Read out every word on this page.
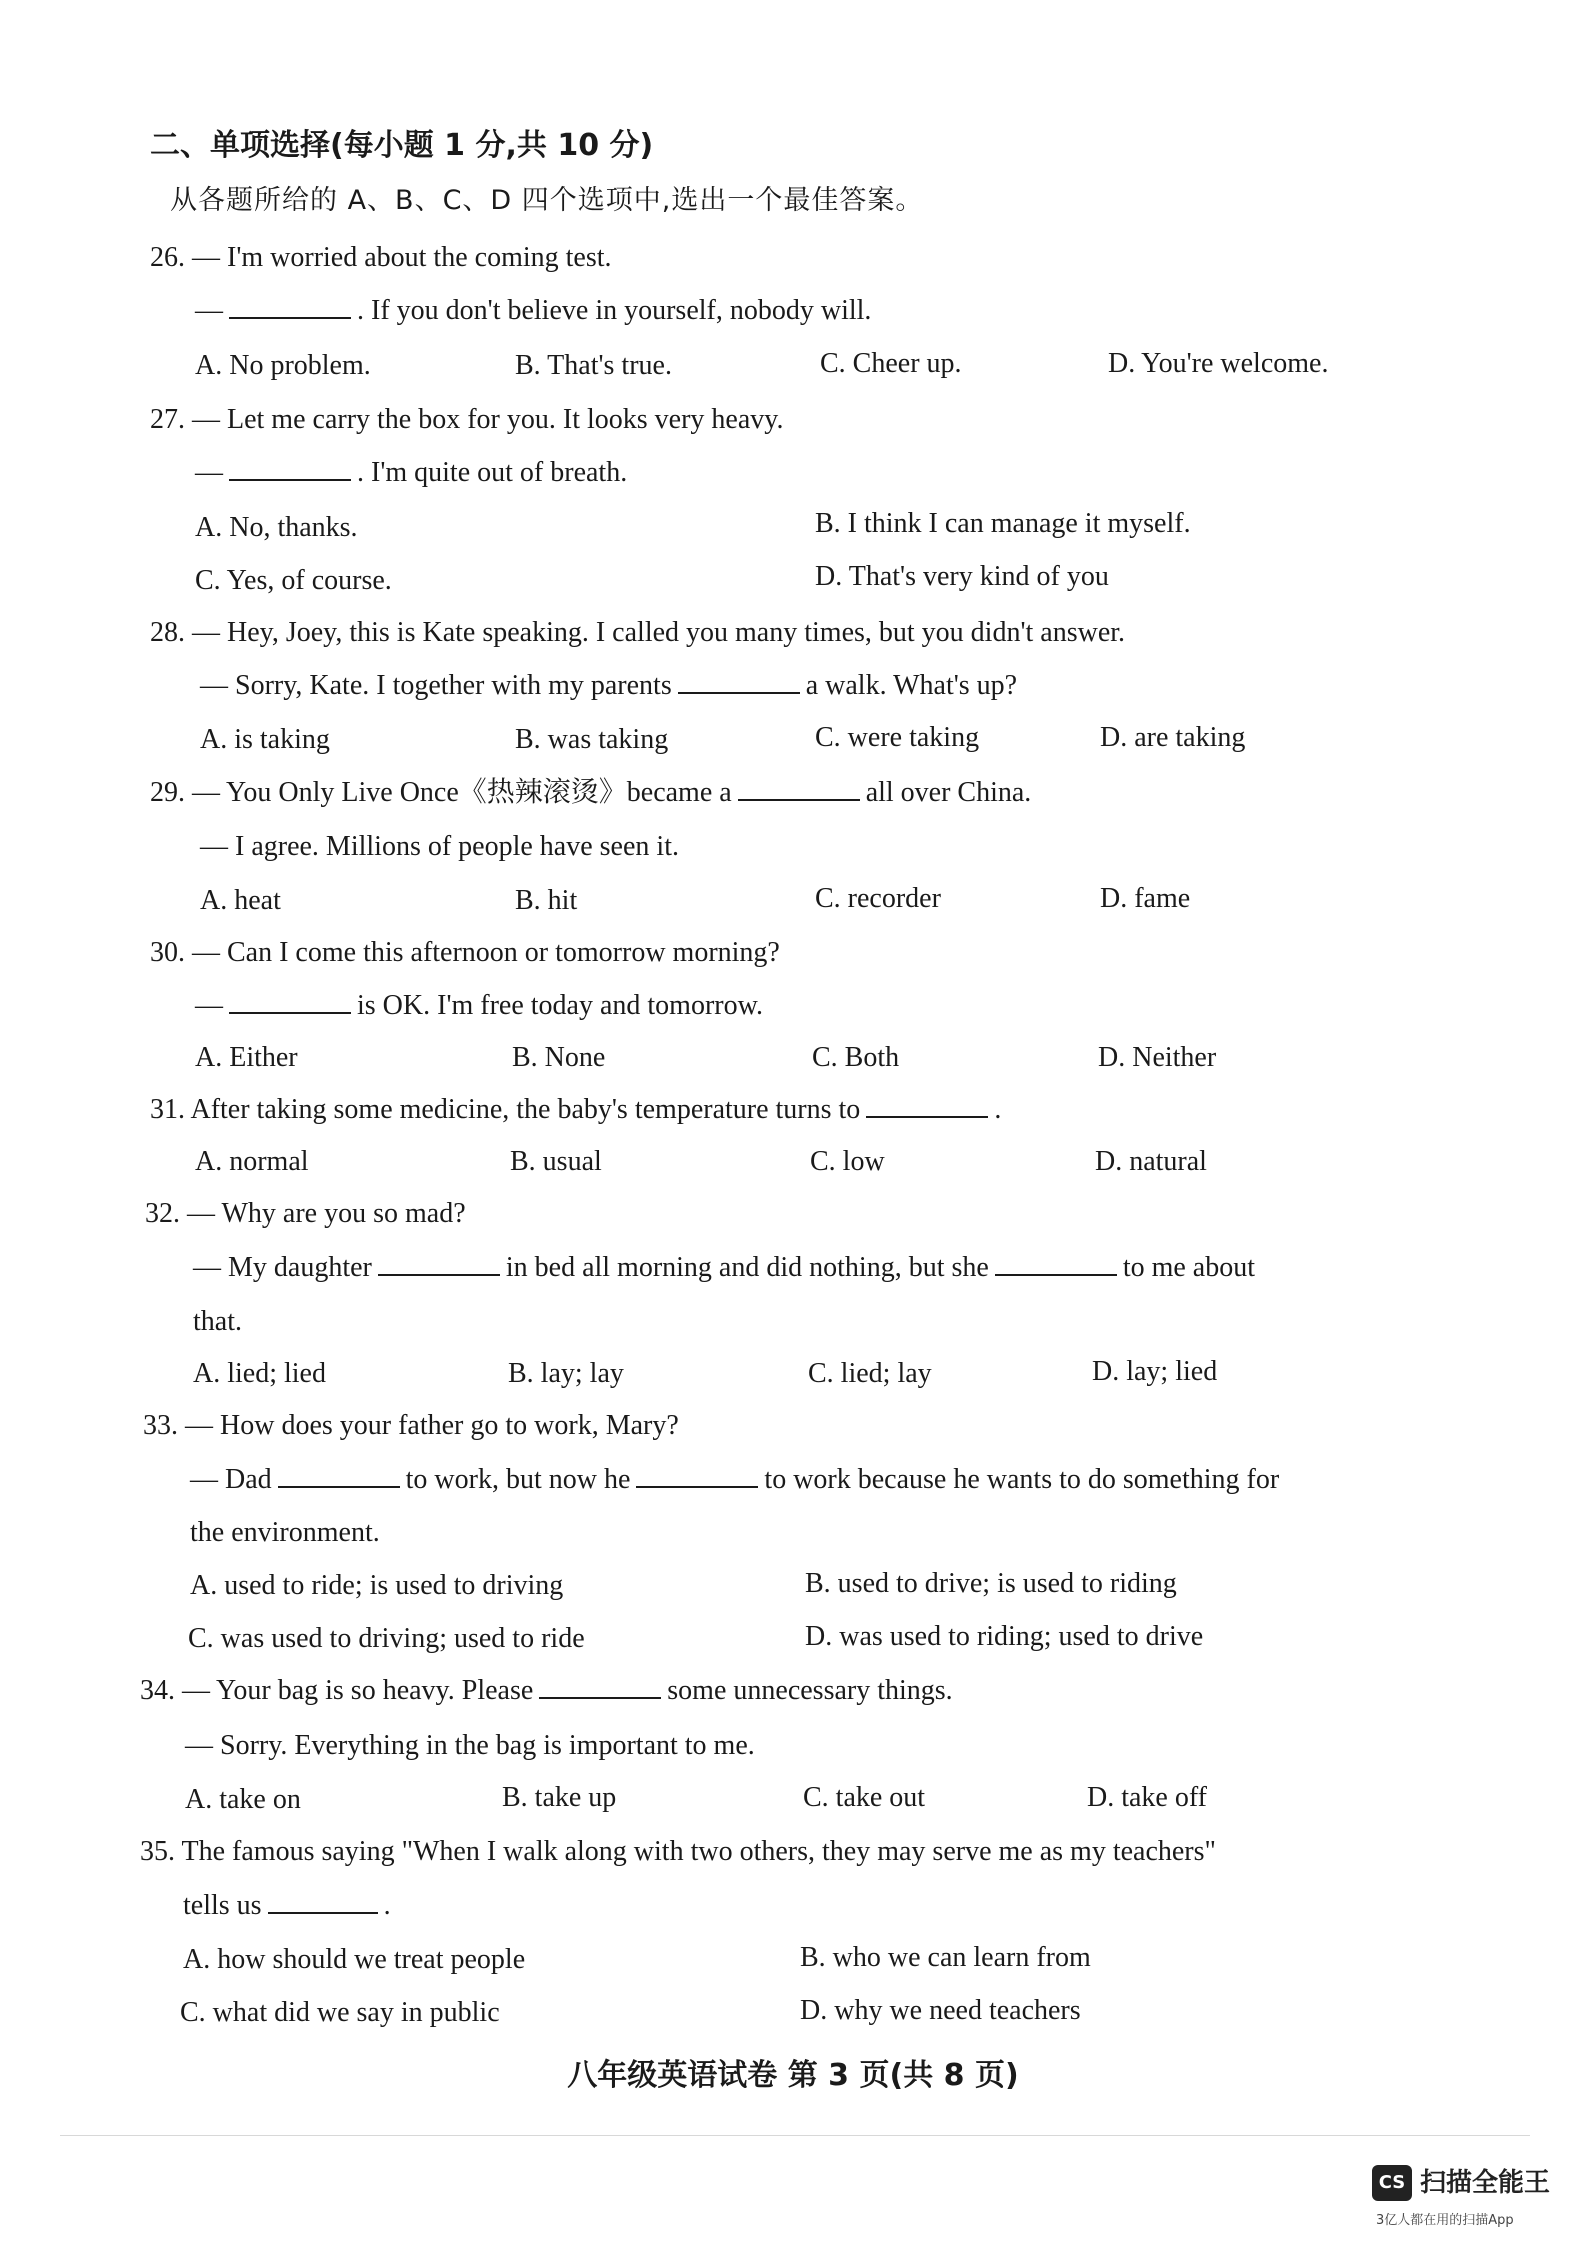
二、单项选择(每小题 1 分,共 10 分)
从各题所给的 A、B、C、D 四个选项中,选出一个最佳答案。
26. — I'm worried about the coming test.
—	. If you don't believe in yourself, nobody will.
A. No problem.	B. That's true.	C. Cheer up.	D. You're welcome.
27. — Let me carry the box for you. It looks very heavy.
—	. I'm quite out of breath.
A. No, thanks.	B. I think I can manage it myself.
C. Yes, of course.	D. That's very kind of you
28. — Hey, Joey, this is Kate speaking. I called you many times, but you didn't answer.
— Sorry, Kate. I together with my parents	a walk. What's up?
A. is taking	B. was taking	C. were taking	D. are taking
29. — You Only Live Once《热辣滚烫》became a	all over China.
— I agree. Millions of people have seen it.
A. heat	B. hit	C. recorder	D. fame
30. — Can I come this afternoon or tomorrow morning?
—	is OK. I'm free today and tomorrow.
A. Either	B. None	C. Both	D. Neither
31. After taking some medicine, the baby's temperature turns to	.
A. normal	B. usual	C. low	D. natural
32. — Why are you so mad?
— My daughter	in bed all morning and did nothing, but she	to me about
that.
A. lied; lied	B. lay; lay	C. lied; lay	D. lay; lied
33. — How does your father go to work, Mary?
— Dad	to work, but now he	to work because he wants to do something for
the environment.
A. used to ride; is used to driving	B. used to drive; is used to riding
C. was used to driving; used to ride	D. was used to riding; used to drive
34. — Your bag is so heavy. Please	some unnecessary things.
— Sorry. Everything in the bag is important to me.
A. take on	B. take up	C. take out	D. take off
35. The famous saying "When I walk along with two others, they may serve me as my teachers"
tells us	.
A. how should we treat people	B. who we can learn from
C. what did we say in public	D. why we need teachers
八年级英语试卷 第 3 页(共 8 页)
CS 扫描全能王
3亿人都在用的扫描App
